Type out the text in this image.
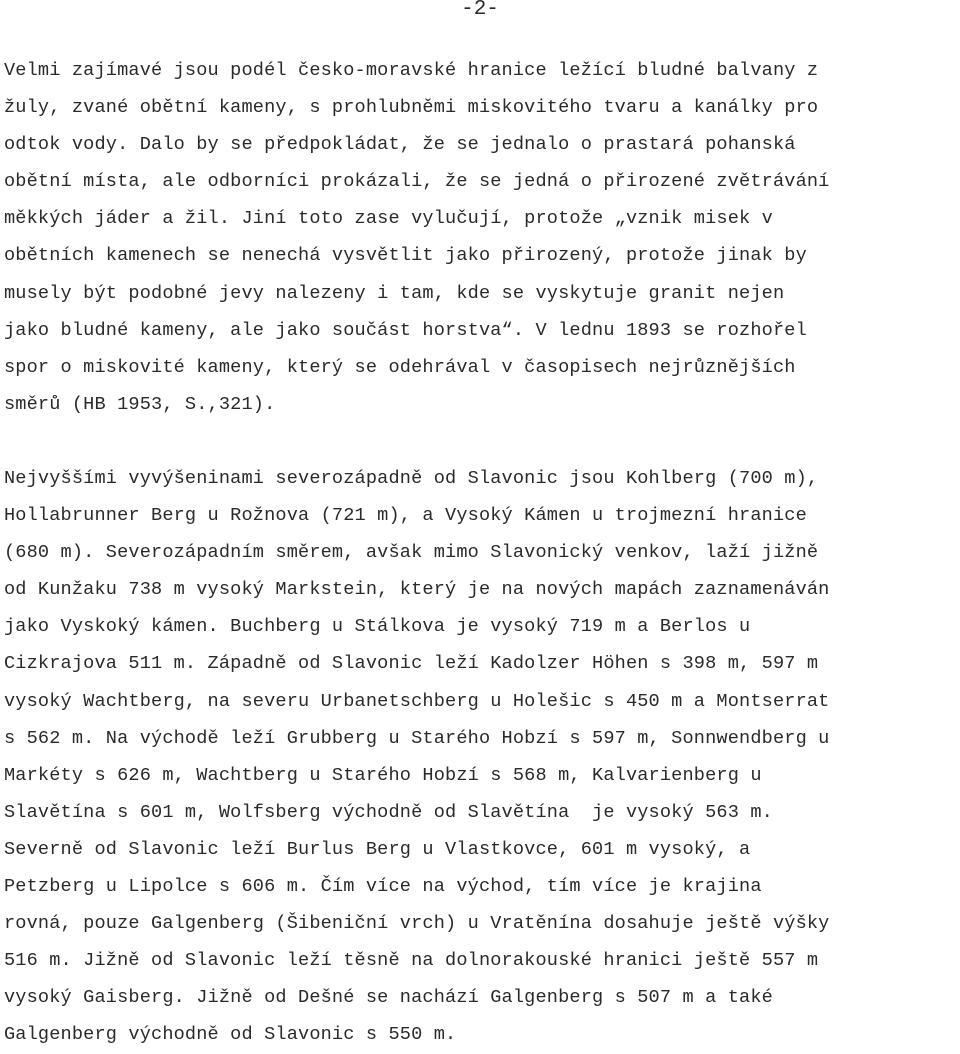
-2-
Velmi zajímavé jsou podél česko-moravské hranice ležící bludné balvany z
žuly, zvané obětní kameny, s prohlubněmi miskovitého tvaru a kanálky pro
odtok vody. Dalo by se předpokládat, že se jednalo o prastará pohanská
obětní místa, ale odborníci prokázali, že se jedná o přirozené zvětrávání
měkkých jáder a žil. Jiní toto zase vylučují, protože „vznik misek v
obětních kamenech se nenechá vysvětlit jako přirozený, protože jinak by
musely být podobné jevy nalezeny i tam, kde se vyskytuje granit nejen
jako bludné kameny, ale jako součást horstva“. V lednu 1893 se rozhořel
spor o miskovité kameny, který se odehrával v časopisech nejrůznějších
směrů (HB 1953, S.,321).
Nejvyššími vyvýšeninami severozápadně od Slavonic jsou Kohlberg (700 m),
Hollabrunner Berg u Rožnova (721 m), a Vysoký Kámen u trojmezní hranice
(680 m). Severozápadním směrem, avšak mimo Slavonický venkov, laží jižně
od Kunžaku 738 m vysoký Markstein, který je na nových mapách zaznamenáván
jako Vyskoký kámen. Buchberg u Stálkova je vysoký 719 m a Berlos u
Cizkrajova 511 m. Západně od Slavonic leží Kadolzer Höhen s 398 m, 597 m
vysoký Wachtberg, na severu Urbanetschberg u Holešic s 450 m a Montserrat
s 562 m. Na východě leží Grubberg u Starého Hobzí s 597 m, Sonnwendberg u
Markéty s 626 m, Wachtberg u Starého Hobzí s 568 m, Kalvarienberg u
Slavětína s 601 m, Wolfsberg východně od Slavětína  je vysoký 563 m.
Severně od Slavonic leží Burlus Berg u Vlastkovce, 601 m vysoký, a
Petzberg u Lipolce s 606 m. Čím více na východ, tím více je krajina
rovná, pouze Galgenberg (Šibeniční vrch) u Vratěnína dosahuje ještě výšky
516 m. Jižně od Slavonic leží těsně na dolnorakouské hranici ještě 557 m
vysoký Gaisberg. Jižně od Dešné se nachází Galgenberg s 507 m a také
Galgenberg východně od Slavonic s 550 m.
